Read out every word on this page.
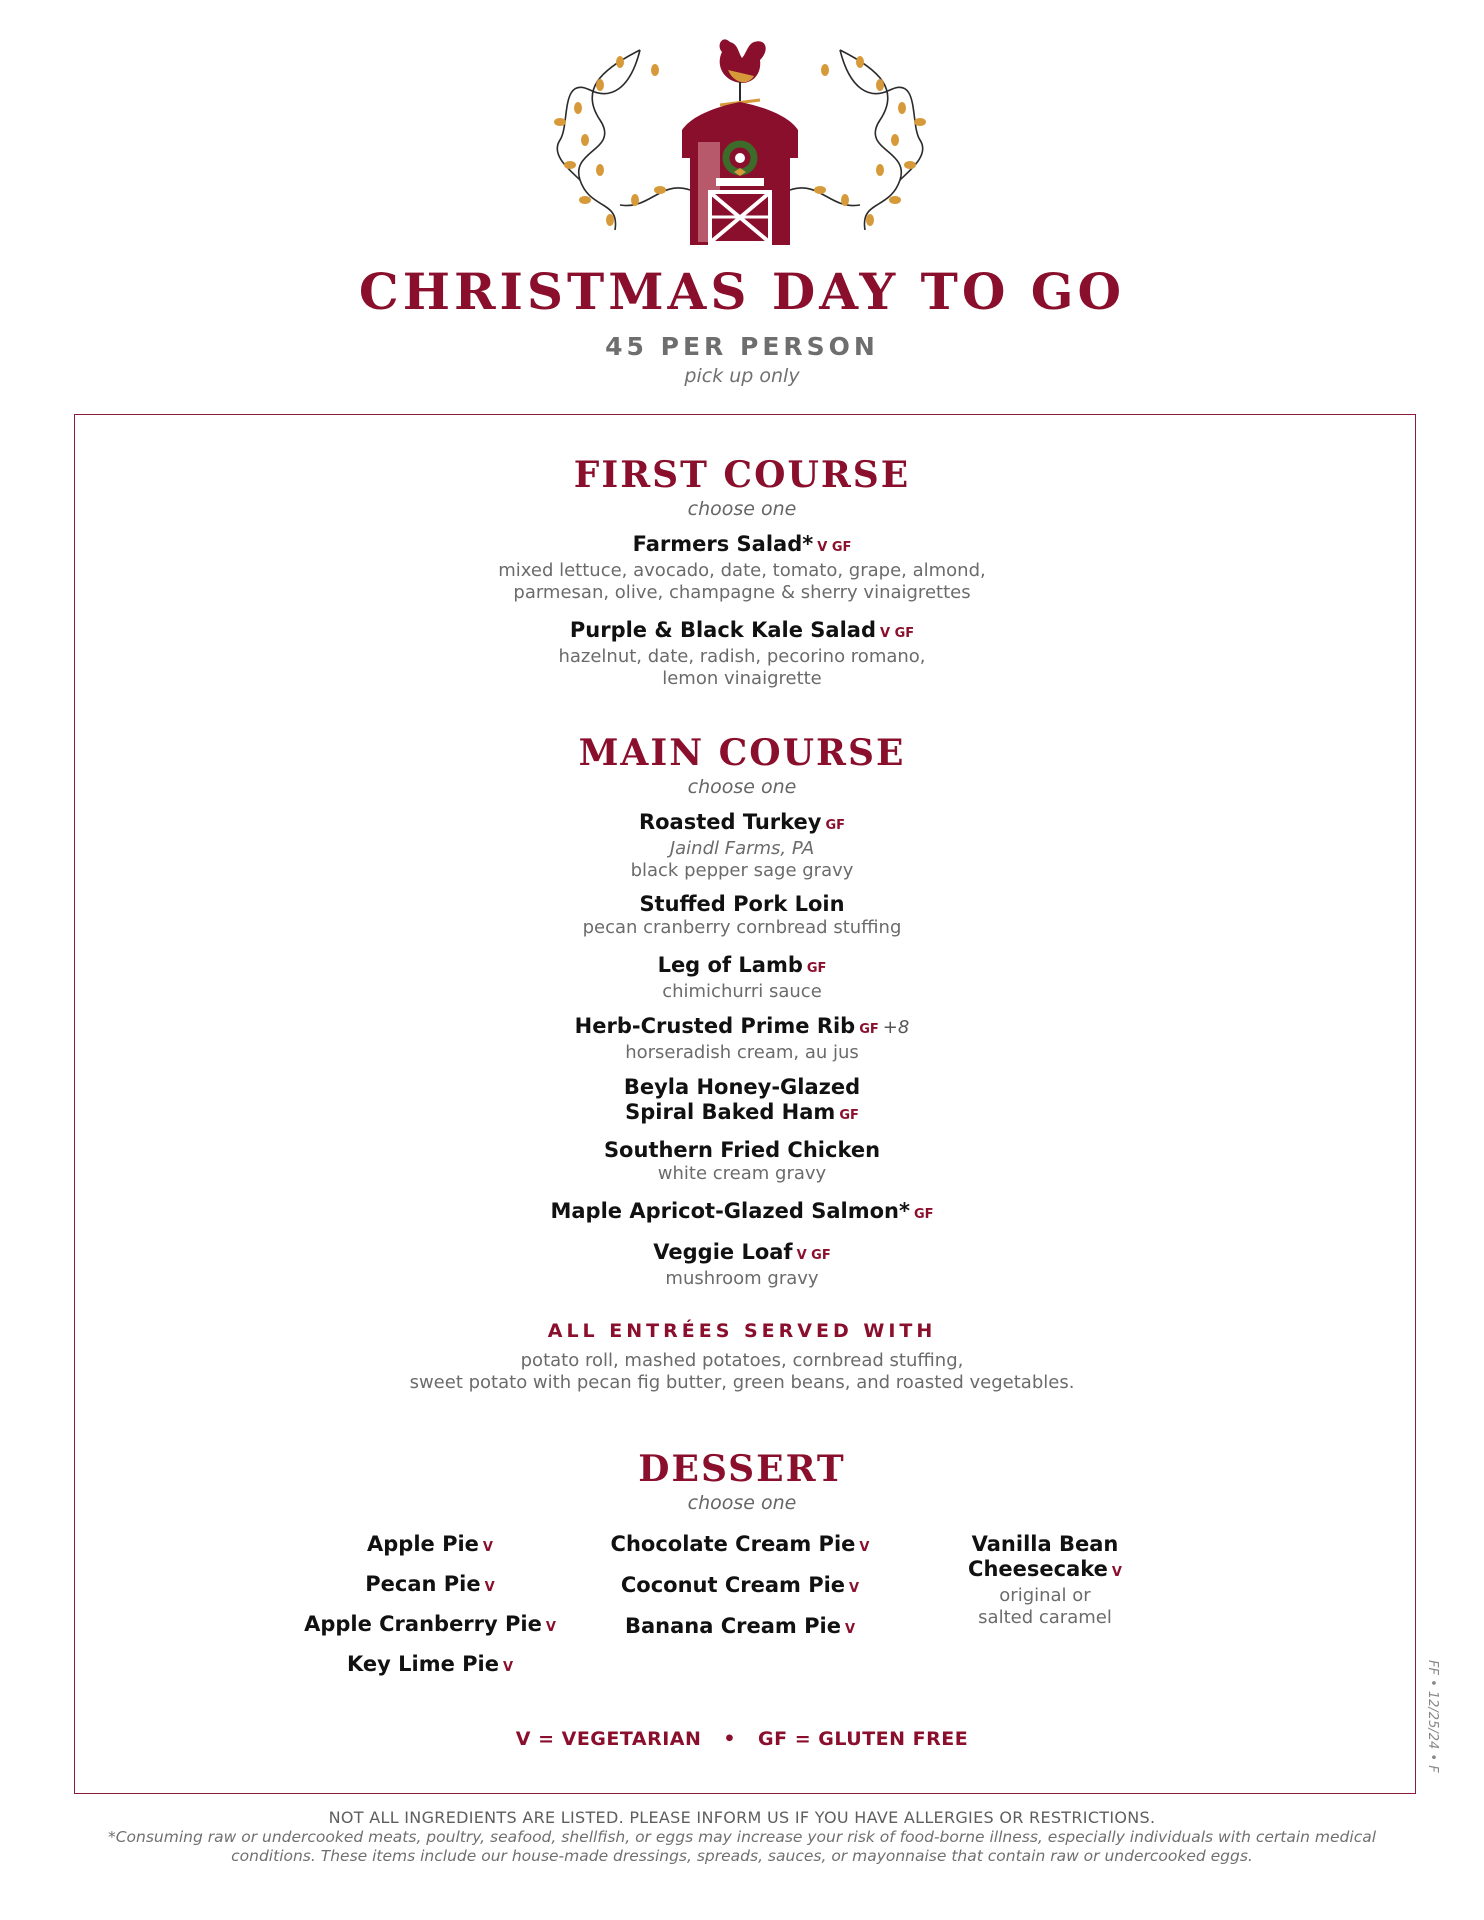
CHRISTMAS DAY TO GO
45 PER PERSON
pick up only
FIRST COURSE
choose one
Farmers Salad* V GF
mixed lettuce, avocado, date, tomato, grape, almond,
parmesan, olive, champagne & sherry vinaigrettes
Purple & Black Kale Salad V GF
hazelnut, date, radish, pecorino romano,
lemon vinaigrette
MAIN COURSE
choose one
Roasted Turkey GF
Jaindl Farms, PA
black pepper sage gravy
Stuffed Pork Loin
pecan cranberry cornbread stuffing
Leg of Lamb GF
chimichurri sauce
Herb-Crusted Prime Rib GF +8
horseradish cream, au jus
Beyla Honey-Glazed
Spiral Baked Ham GF
Southern Fried Chicken
white cream gravy
Maple Apricot-Glazed Salmon* GF
Veggie Loaf V GF
mushroom gravy
ALL ENTRÉES SERVED WITH
potato roll, mashed potatoes, cornbread stuffing,
sweet potato with pecan fig butter, green beans, and roasted vegetables.
DESSERT
choose one
Apple Pie V
Pecan Pie V
Apple Cranberry Pie V
Key Lime Pie V
Chocolate Cream Pie V
Coconut Cream Pie V
Banana Cream Pie V
Vanilla Bean
Cheesecake V
original or
salted caramel
V = VEGETARIAN • GF = GLUTEN FREE	FF • 12/25/24 • F
NOT ALL INGREDIENTS ARE LISTED. PLEASE INFORM US IF YOU HAVE ALLERGIES OR RESTRICTIONS.
*Consuming raw or undercooked meats, poultry, seafood, shellfish, or eggs may increase your risk of food-borne illness, especially individuals with certain medical conditions. These items include our house-made dressings, spreads, sauces, or mayonnaise that contain raw or undercooked eggs.
